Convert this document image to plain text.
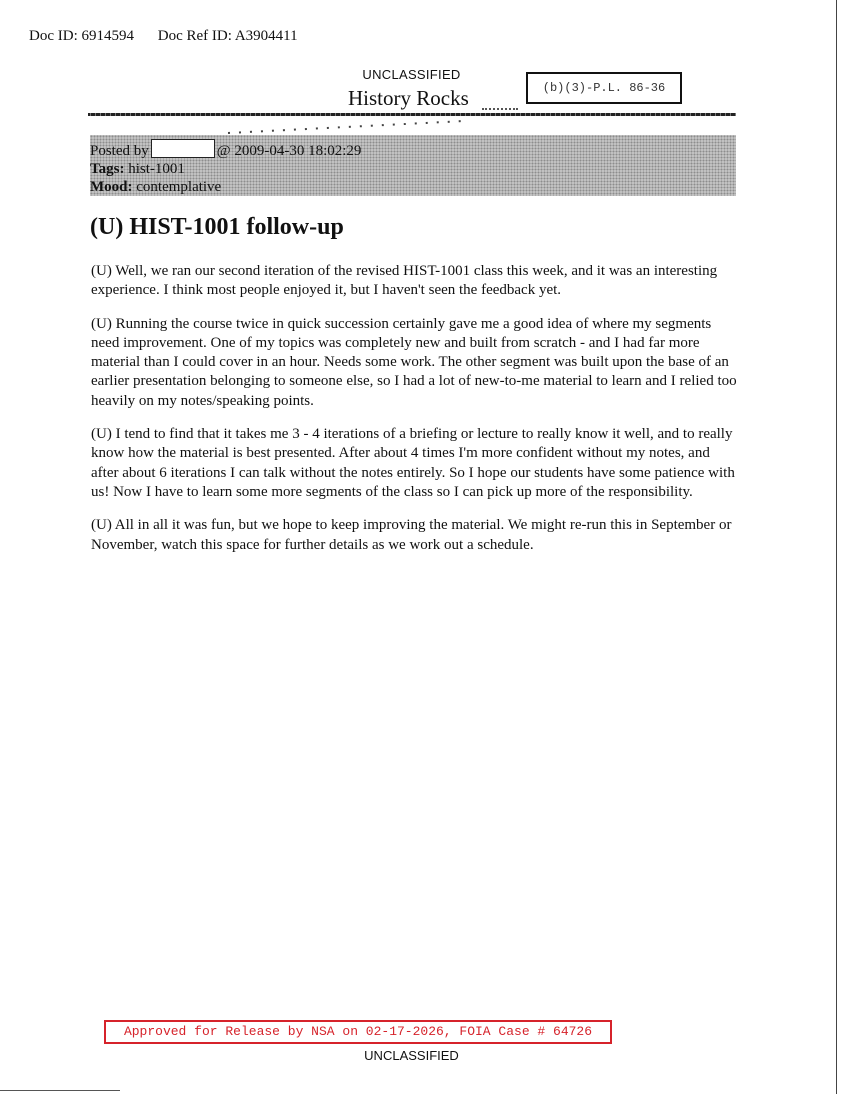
Doc ID: 6914594 Doc Ref ID: A3904411
UNCLASSIFIED
History Rocks	(b)(3)-P.L. 86-36
Posted by	@ 2009-04-30 18:02:29
Tags: hist-1001
Mood: contemplative
(U) HIST-1001 follow-up

(U) Well, we ran our second iteration of the revised HIST-1001 class this week, and it was an interesting experience. I think most people enjoyed it, but I haven't seen the feedback yet.

(U) Running the course twice in quick succession certainly gave me a good idea of where my segments need improvement. One of my topics was completely new and built from scratch - and I had far more material than I could cover in an hour. Needs some work. The other segment was built upon the base of an earlier presentation belonging to someone else, so I had a lot of new-to-me material to learn and I relied too heavily on my notes/speaking points.

(U) I tend to find that it takes me 3 - 4 iterations of a briefing or lecture to really know it well, and to really know how the material is best presented. After about 4 times I'm more confident without my notes, and after about 6 iterations I can talk without the notes entirely. So I hope our students have some patience with us! Now I have to learn some more segments of the class so I can pick up more of the responsibility.

(U) All in all it was fun, but we hope to keep improving the material. We might re-run this in September or November, watch this space for further details as we work out a schedule.

Approved for Release by NSA on 02-17-2026, FOIA Case # 64726
UNCLASSIFIED
